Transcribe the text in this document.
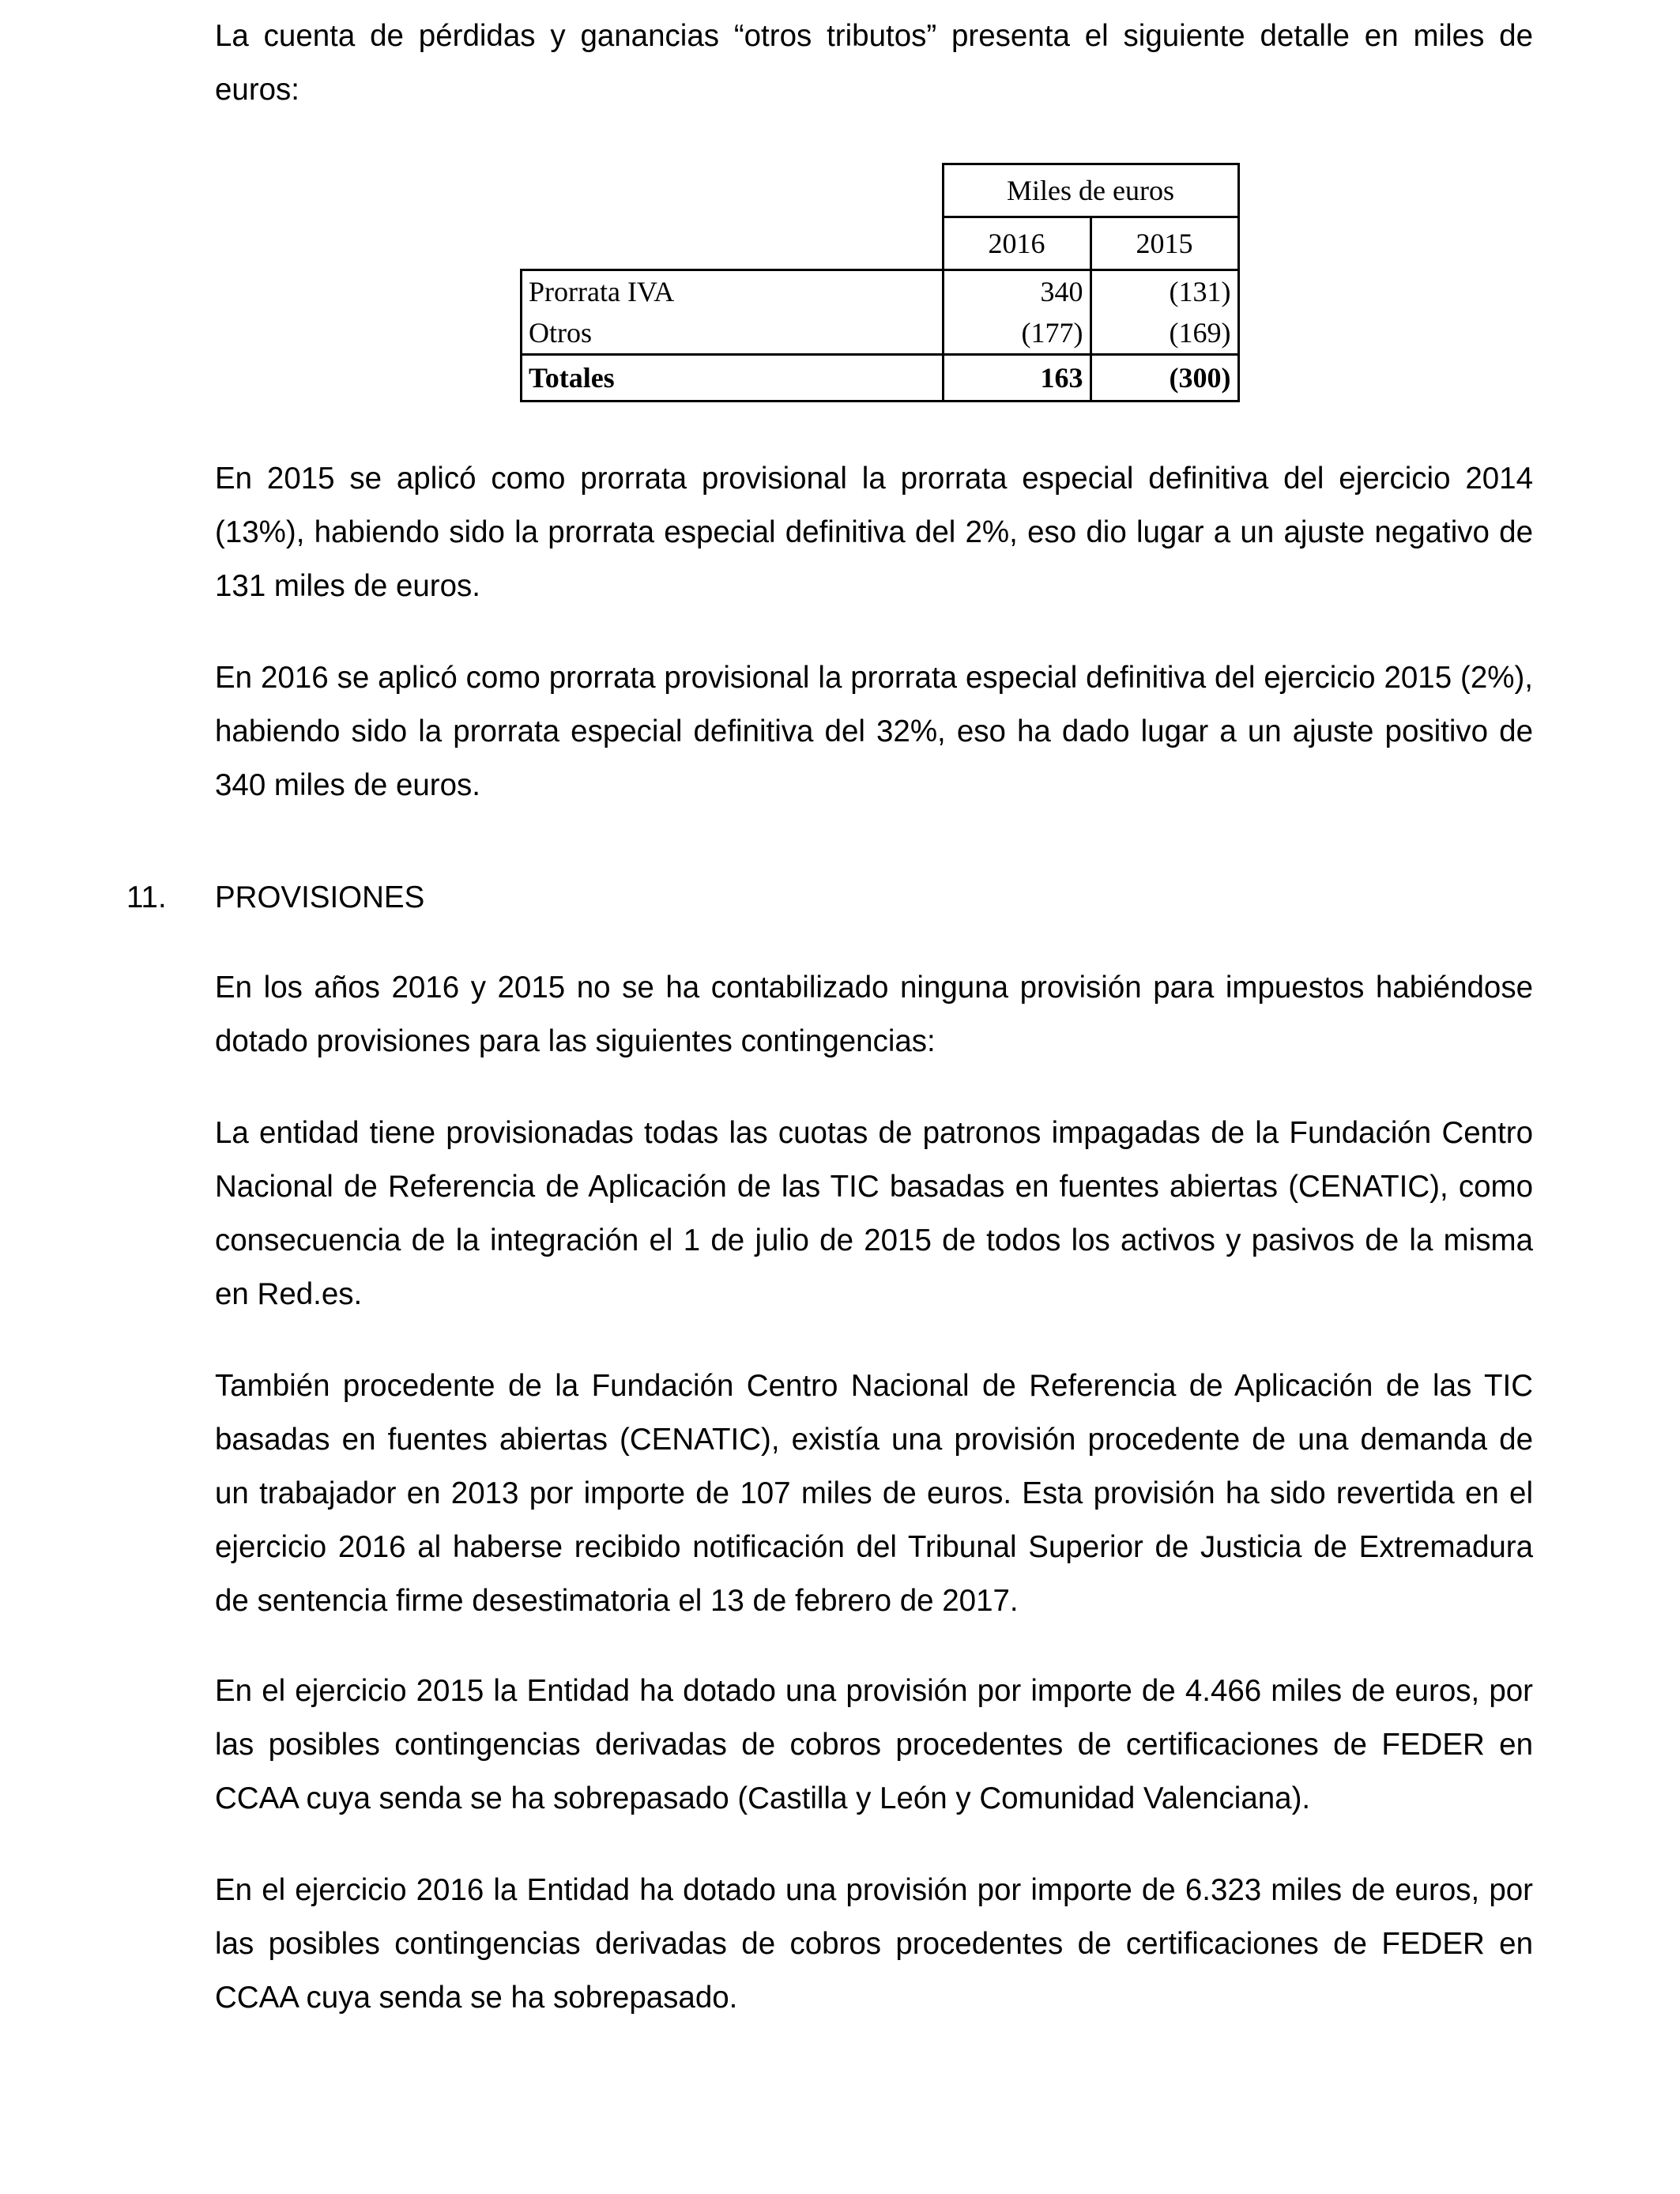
La cuenta de pérdidas y ganancias “otros tributos” presenta el siguiente detalle en miles de euros:

	Miles de euros	
	2016	2015
Prorrata IVA	340	(131)
Otros	(177)	(169)
Totales	163	(300)

En 2015 se aplicó como prorrata provisional la prorrata especial definitiva del ejercicio 2014 (13%), habiendo sido la prorrata especial definitiva del 2%, eso dio lugar a un ajuste negativo de 131 miles de euros.

En 2016 se aplicó como prorrata provisional la prorrata especial definitiva del ejercicio 2015 (2%), habiendo sido la prorrata especial definitiva del 32%, eso ha dado lugar a un ajuste positivo de 340 miles de euros.

11. PROVISIONES

En los años 2016 y 2015 no se ha contabilizado ninguna provisión para impuestos habiéndose dotado provisiones para las siguientes contingencias:

La entidad tiene provisionadas todas las cuotas de patronos impagadas de la Fundación Centro Nacional de Referencia de Aplicación de las TIC basadas en fuentes abiertas (CENATIC), como consecuencia de la integración el 1 de julio de 2015 de todos los activos y pasivos de la misma en Red.es.

También procedente de la Fundación Centro Nacional de Referencia de Aplicación de las TIC basadas en fuentes abiertas (CENATIC), existía una provisión procedente de una demanda de un trabajador en 2013 por importe de 107 miles de euros. Esta provisión ha sido revertida en el ejercicio 2016 al haberse recibido notificación del Tribunal Superior de Justicia de Extremadura de sentencia firme desestimatoria el 13 de febrero de 2017.

En el ejercicio 2015 la Entidad ha dotado una provisión por importe de 4.466 miles de euros, por las posibles contingencias derivadas de cobros procedentes de certificaciones de FEDER en CCAA cuya senda se ha sobrepasado (Castilla y León y Comunidad Valenciana).

En el ejercicio 2016 la Entidad ha dotado una provisión por importe de 6.323 miles de euros, por las posibles contingencias derivadas de cobros procedentes de certificaciones de FEDER en CCAA cuya senda se ha sobrepasado.
